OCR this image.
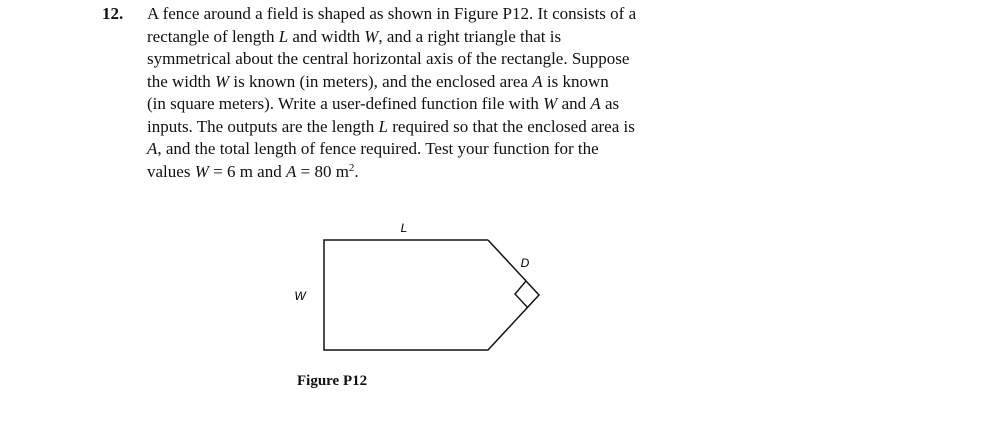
12. A fence around a field is shaped as shown in Figure P12. It consists of a
rectangle of length L and width W, and a right triangle that is
symmetrical about the central horizontal axis of the rectangle. Suppose
the width W is known (in meters), and the enclosed area A is known
(in square meters). Write a user-defined function file with W and A as
inputs. The outputs are the length L required so that the enclosed area is
A, and the total length of fence required. Test your function for the
values W = 6 m and A = 80 $m^2$.
L
W
D
Figure P12
